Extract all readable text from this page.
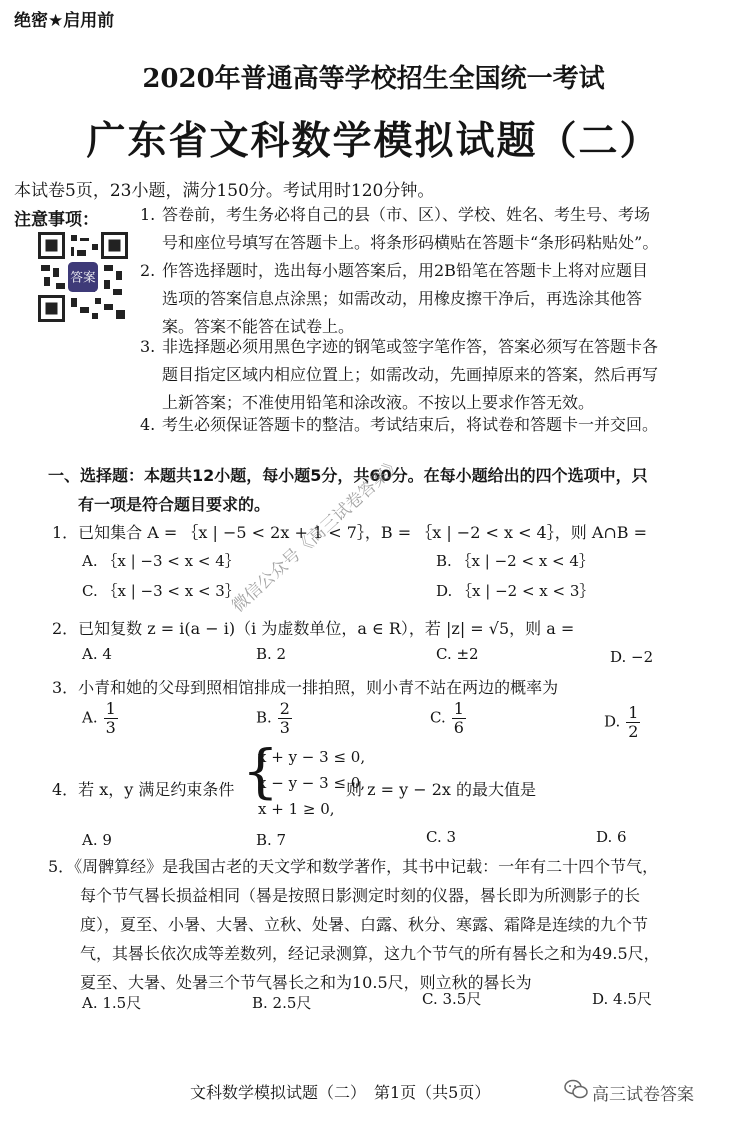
绝密★启用前
2020年普通高等学校招生全国统一考试
广东省文科数学模拟试题（二）
本试卷5页，23小题，满分150分。考试用时120分钟。
注意事项：
答案
1. 答卷前，考生务必将自己的县（市、区）、学校、姓名、考生号、考场
号和座位号填写在答题卡上。将条形码横贴在答题卡“条形码粘贴处”。
2. 作答选择题时，选出每小题答案后，用2B铅笔在答题卡上将对应题目
选项的答案信息点涂黑；如需改动，用橡皮擦干净后，再选涂其他答
案。答案不能答在试卷上。
3. 非选择题必须用黑色字迹的钢笔或签字笔作答，答案必须写在答题卡各
题目指定区域内相应位置上；如需改动，先画掉原来的答案，然后再写
上新答案；不准使用铅笔和涂改液。不按以上要求作答无效。
4. 考生必须保证答题卡的整洁。考试结束后，将试卷和答题卡一并交回。
一、选择题：本题共12小题，每小题5分，共60分。在每小题给出的四个选项中，只
有一项是符合题目要求的。
1．已知集合 A = ｛x | −5 < 2x + 1 < 7｝，B = ｛x | −2 < x < 4｝，则 A∩B =
A. ｛x | −3 < x < 4｝	B. ｛x | −2 < x < 4｝
C. ｛x | −3 < x < 3｝	D. ｛x | −2 < x < 3｝
2．已知复数 z = i(a − i)（i 为虚数单位，a ∈ R），若 |z| = √5，则 a =
A. 4	B. 2	C. ±2	D. −2
3．小青和她的父母到照相馆排成一排拍照，则小青不站在两边的概率为
A. $\frac{1}{3}$	B. $\frac{2}{3}$	C. $\frac{1}{6}$	D. $\frac{1}{2}$
4．若 x，y 满足约束条件 {
x + y − 3 ≤ 0,
x − y − 3 ≤ 0,
x + 1 ≥ 0,
则 z = y − 2x 的最大值是
A. 9	B. 7	C. 3	D. 6
5．《周髀算经》是我国古老的天文学和数学著作，其书中记载：一年有二十四个节气，
每个节气晷长损益相同（晷是按照日影测定时刻的仪器，晷长即为所测影子的长
度），夏至、小暑、大暑、立秋、处暑、白露、秋分、寒露、霜降是连续的九个节
气，其晷长依次成等差数列，经记录测算，这九个节气的所有晷长之和为49.5尺，
夏至、大暑、处暑三个节气晷长之和为10.5尺，则立秋的晷长为
A. 1.5尺	B. 2.5尺	C. 3.5尺	D. 4.5尺
微信公众号《高三试卷答案》
文科数学模拟试题（二）　第1页（共5页）	高三试卷答案
